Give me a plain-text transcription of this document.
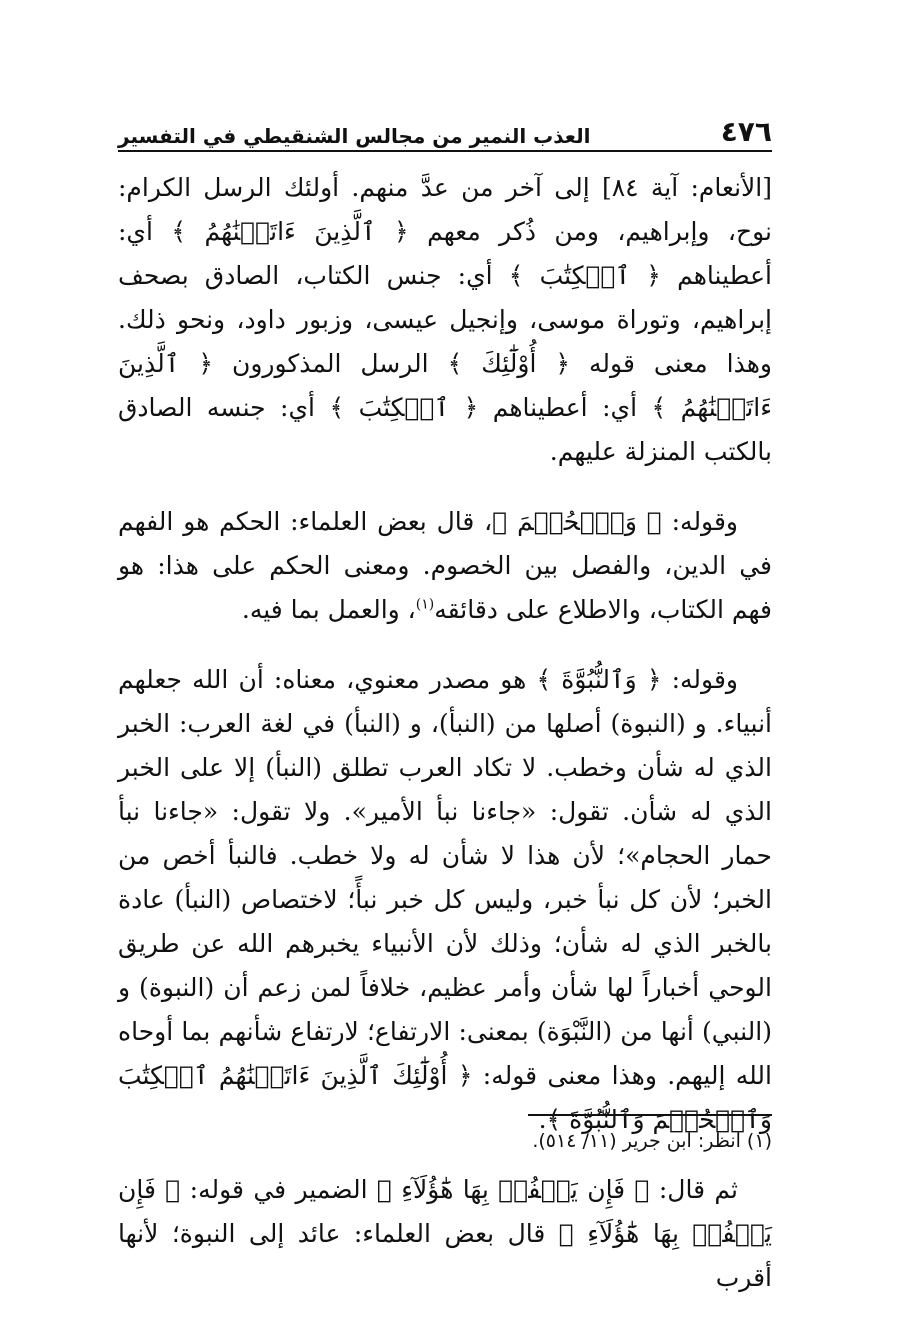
٤٧٦
العذب النمير من مجالس الشنقيطي في التفسير

[الأنعام: آية ٨٤] إلى آخر من عدَّ منهم. أولئك الرسل الكرام: نوح، وإبراهيم، ومن ذُكر معهم ﴿ ٱلَّذِينَ ءَاتَيۡنَٰهُمُ ﴾ أي: أعطيناهم ﴿ ٱلۡكِتَٰبَ ﴾ أي: جنس الكتاب، الصادق بصحف إبراهيم، وتوراة موسى، وإنجيل عيسى، وزبور داود، ونحو ذلك. وهذا معنى قوله ﴿ أُوْلَٰٓئِكَ ﴾ الرسل المذكورون ﴿ ٱلَّذِينَ ءَاتَيۡنَٰهُمُ ﴾ أي: أعطيناهم ﴿ ٱلۡكِتَٰبَ ﴾ أي: جنسه الصادق بالكتب المنزلة عليهم.

وقوله: ﴿ وَٱلۡحُكۡمَ ﴾، قال بعض العلماء: الحكم هو الفهم في الدين، والفصل بين الخصوم. ومعنى الحكم على هذا: هو فهم الكتاب، والاطلاع على دقائقه$^{(١)}$، والعمل بما فيه.

وقوله: ﴿ وَٱلنُّبُوَّةَ ﴾ هو مصدر معنوي، معناه: أن الله جعلهم أنبياء. و (النبوة) أصلها من (النبأ)، و (النبأ) في لغة العرب: الخبر الذي له شأن وخطب. لا تكاد العرب تطلق (النبأ) إلا على الخبر الذي له شأن. تقول: «جاءنا نبأ الأمير». ولا تقول: «جاءنا نبأ حمار الحجام»؛ لأن هذا لا شأن له ولا خطب. فالنبأ أخص من الخبر؛ لأن كل نبأ خبر، وليس كل خبر نبأً؛ لاختصاص (النبأ) عادة بالخبر الذي له شأن؛ وذلك لأن الأنبياء يخبرهم الله عن طريق الوحي أخباراً لها شأن وأمر عظيم، خلافاً لمن زعم أن (النبوة) و (النبي) أنها من (النَّبْوَة) بمعنى: الارتفاع؛ لارتفاع شأنهم بما أوحاه الله إليهم. وهذا معنى قوله: ﴿ أُوْلَٰٓئِكَ ٱلَّذِينَ ءَاتَيۡنَٰهُمُ ٱلۡكِتَٰبَ وَٱلۡحُكۡمَ وَٱلنُّبُوَّةَ ﴾.

ثم قال: ﴿ فَإِن يَكۡفُرۡ بِهَا هَٰٓؤُلَآءِ ﴾ الضمير في قوله: ﴿ فَإِن يَكۡفُرۡ بِهَا هَٰٓؤُلَآءِ ﴾ قال بعض العلماء: عائد إلى النبوة؛ لأنها أقرب

(١) انظر: ابن جرير (١١/ ٥١٤).
